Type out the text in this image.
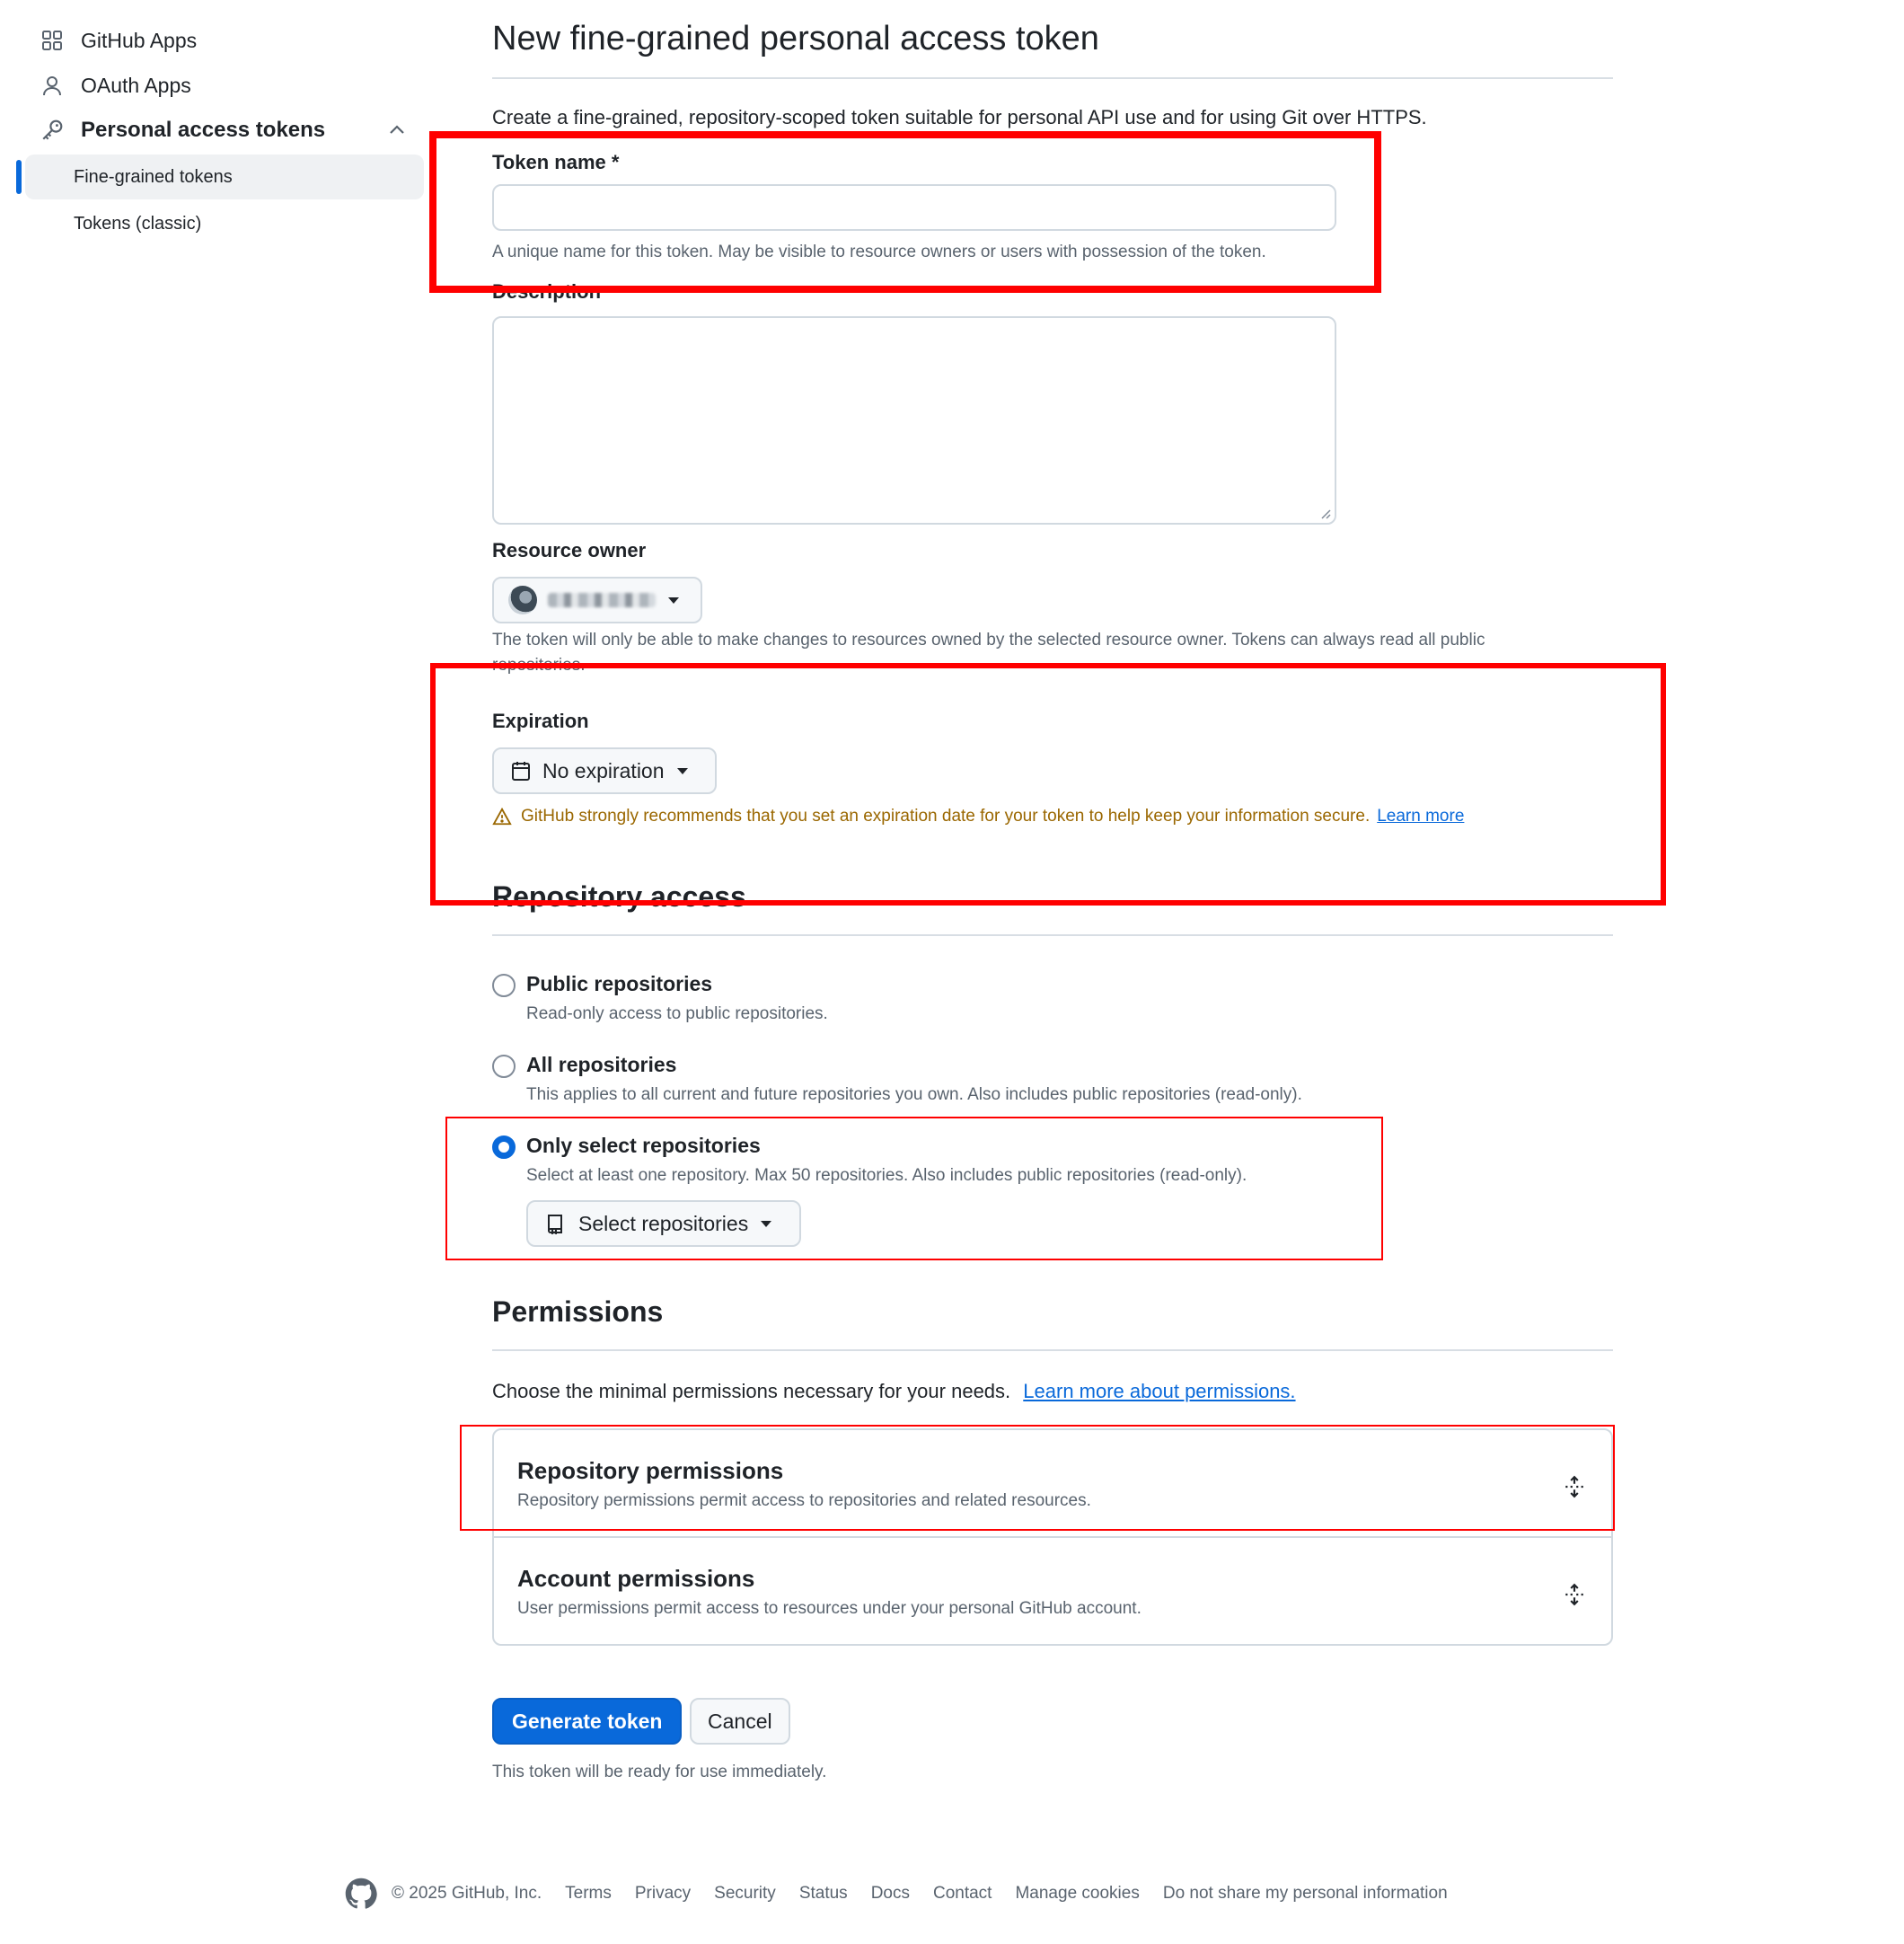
GitHub Apps
OAuth Apps
Personal access tokens
Fine-grained tokens
Tokens (classic)
New fine-grained personal access token

Create a fine-grained, repository-scoped token suitable for personal API use and for using Git over HTTPS.

Token name *

A unique name for this token. May be visible to resource owners or users with possession of the token.

Description
Resource owner

The token will only be able to make changes to resources owned by the selected resource owner. Tokens can always read all public

repositories.

Expiration
No expiration
GitHub strongly recommends that you set an expiration date for your token to help keep your information secure. Learn more
Repository access
Public repositories
Read-only access to public repositories.
All repositories
This applies to all current and future repositories you own. Also includes public repositories (read-only).
Only select repositories
Select at least one repository. Max 50 repositories. Also includes public repositories (read-only).
Select repositories
Permissions

Choose the minimal permissions necessary for your needs. Learn more about permissions.

Repository permissions
Repository permissions permit access to repositories and related resources.
Account permissions
User permissions permit access to resources under your personal GitHub account.
Generate token	Cancel

This token will be ready for use immediately.

© 2025 GitHub, Inc. Terms Privacy Security Status Docs Contact Manage cookies Do not share my personal information
